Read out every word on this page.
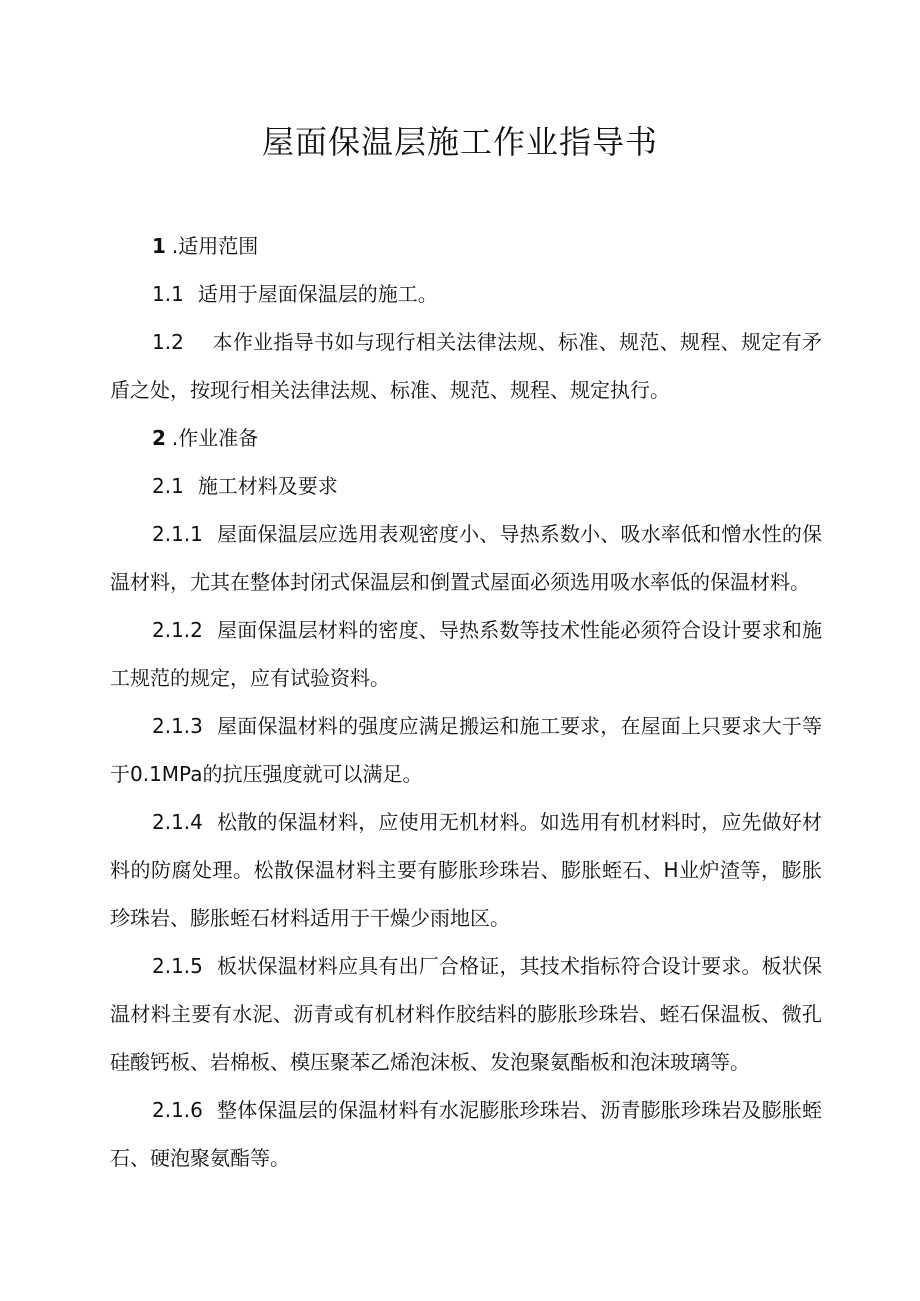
屋面保温层施工作业指导书

1 .适用范围

1.1 适用于屋面保温层的施工。

1.2 本作业指导书如与现行相关法律法规、标准、规范、规程、规定有矛盾之处，按现行相关法律法规、标准、规范、规程、规定执行。

2 .作业准备

2.1 施工材料及要求

2.1.1 屋面保温层应选用表观密度小、导热系数小、吸水率低和憎水性的保温材料，尤其在整体封闭式保温层和倒置式屋面必须选用吸水率低的保温材料。

2.1.2 屋面保温层材料的密度、导热系数等技术性能必须符合设计要求和施工规范的规定，应有试验资料。

2.1.3 屋面保温材料的强度应满足搬运和施工要求，在屋面上只要求大于等于0.1MPa的抗压强度就可以满足。

2.1.4 松散的保温材料，应使用无机材料。如选用有机材料时，应先做好材料的防腐处理。松散保温材料主要有膨胀珍珠岩、膨胀蛭石、H业炉渣等，膨胀珍珠岩、膨胀蛭石材料适用于干燥少雨地区。

2.1.5 板状保温材料应具有出厂合格证，其技术指标符合设计要求。板状保温材料主要有水泥、沥青或有机材料作胶结料的膨胀珍珠岩、蛭石保温板、微孔硅酸钙板、岩棉板、模压聚苯乙烯泡沫板、发泡聚氨酯板和泡沫玻璃等。

2.1.6 整体保温层的保温材料有水泥膨胀珍珠岩、沥青膨胀珍珠岩及膨胀蛭石、硬泡聚氨酯等。
